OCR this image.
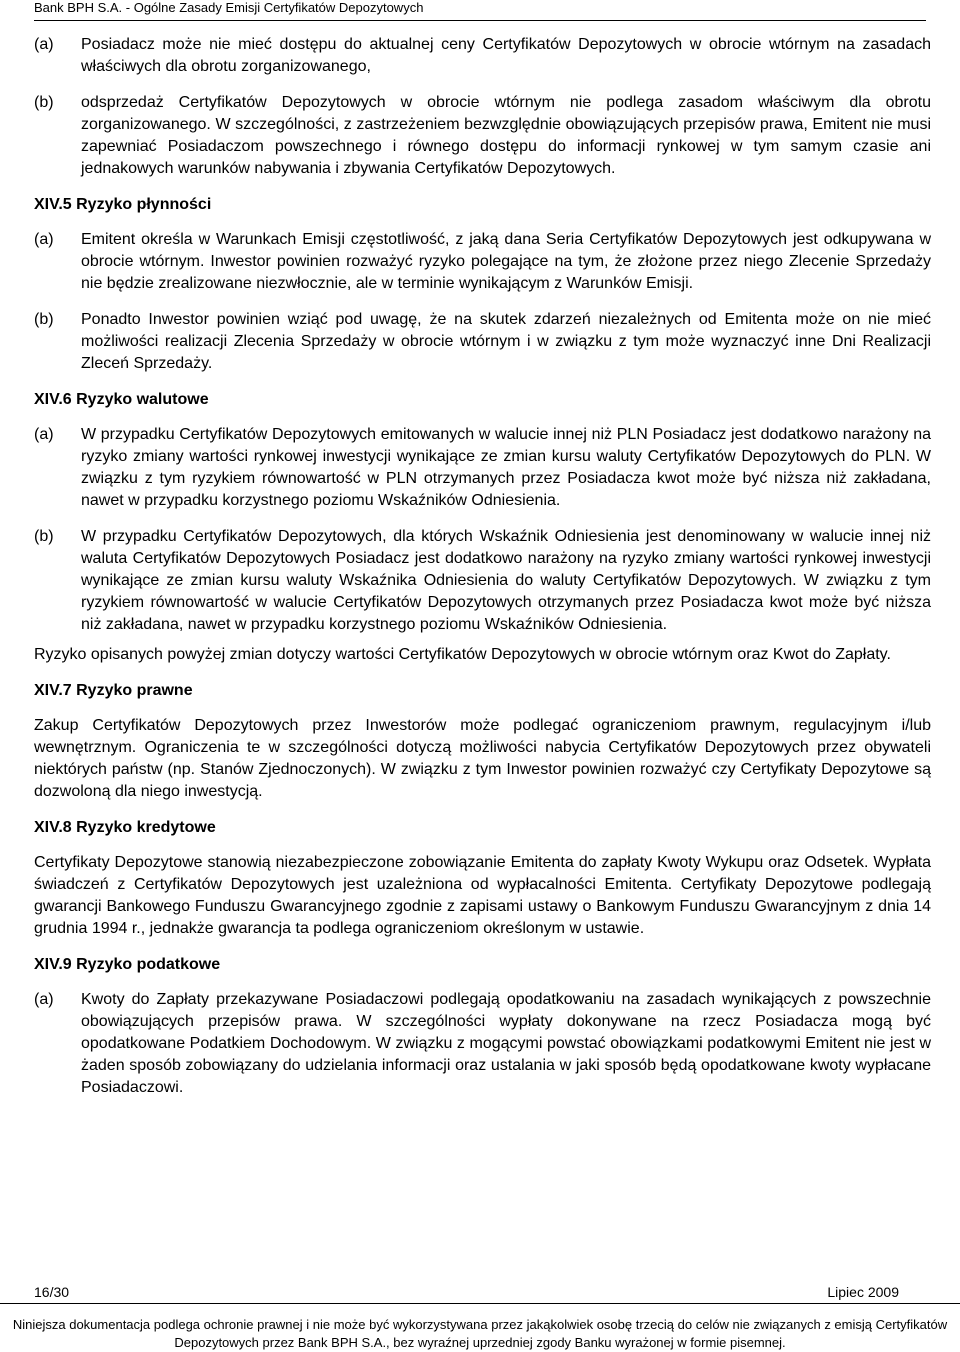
Bank BPH S.A. - Ogólne Zasady Emisji Certyfikatów Depozytowych
(a)	Posiadacz może nie mieć dostępu do aktualnej ceny Certyfikatów Depozytowych w obrocie wtórnym na zasadach właściwych dla obrotu zorganizowanego,
(b)	odsprzedaż Certyfikatów Depozytowych w obrocie wtórnym nie podlega zasadom właściwym dla obrotu zorganizowanego. W szczególności, z zastrzeżeniem bezwzględnie obowiązujących przepisów prawa, Emitent nie musi zapewniać Posiadaczom powszechnego i równego dostępu do informacji rynkowej w tym samym czasie ani jednakowych warunków nabywania i zbywania Certyfikatów Depozytowych.
XIV.5 Ryzyko płynności
(a)	Emitent określa w Warunkach Emisji częstotliwość, z jaką dana Seria Certyfikatów Depozytowych jest odkupywana w obrocie wtórnym. Inwestor powinien rozważyć ryzyko polegające na tym, że złożone przez niego Zlecenie Sprzedaży nie będzie zrealizowane niezwłocznie, ale w terminie wynikającym z Warunków Emisji.
(b)	Ponadto Inwestor powinien wziąć pod uwagę, że na skutek zdarzeń niezależnych od Emitenta może on nie mieć możliwości realizacji Zlecenia Sprzedaży w obrocie wtórnym i w związku z tym może wyznaczyć inne Dni Realizacji Zleceń Sprzedaży.
XIV.6 Ryzyko walutowe
(a)	W przypadku Certyfikatów Depozytowych emitowanych w walucie innej niż PLN Posiadacz jest dodatkowo narażony na ryzyko zmiany wartości rynkowej inwestycji wynikające ze zmian kursu waluty Certyfikatów Depozytowych do PLN. W związku z tym ryzykiem równowartość w PLN otrzymanych przez Posiadacza kwot może być niższa niż zakładana, nawet w przypadku korzystnego poziomu Wskaźników Odniesienia.
(b)	W przypadku Certyfikatów Depozytowych, dla których Wskaźnik Odniesienia jest denominowany w walucie innej niż waluta Certyfikatów Depozytowych Posiadacz jest dodatkowo narażony na ryzyko zmiany wartości rynkowej inwestycji wynikające ze zmian kursu waluty Wskaźnika Odniesienia do waluty Certyfikatów Depozytowych. W związku z tym ryzykiem równowartość w walucie Certyfikatów Depozytowych otrzymanych przez Posiadacza kwot może być niższa niż zakładana, nawet w przypadku korzystnego poziomu Wskaźników Odniesienia.
Ryzyko opisanych powyżej zmian dotyczy wartości Certyfikatów Depozytowych w obrocie wtórnym oraz Kwot do Zapłaty.
XIV.7 Ryzyko prawne
Zakup Certyfikatów Depozytowych przez Inwestorów może podlegać ograniczeniom prawnym, regulacyjnym i/lub wewnętrznym. Ograniczenia te w szczególności dotyczą możliwości nabycia Certyfikatów Depozytowych przez obywateli niektórych państw (np. Stanów Zjednoczonych). W związku z tym Inwestor powinien rozważyć czy Certyfikaty Depozytowe są dozwoloną dla niego inwestycją.
XIV.8 Ryzyko kredytowe
Certyfikaty Depozytowe stanowią niezabezpieczone zobowiązanie Emitenta do zapłaty Kwoty Wykupu oraz Odsetek. Wypłata świadczeń z Certyfikatów Depozytowych jest uzależniona od wypłacalności Emitenta. Certyfikaty Depozytowe podlegają gwarancji Bankowego Funduszu Gwarancyjnego zgodnie z zapisami ustawy o Bankowym Funduszu Gwarancyjnym z dnia 14 grudnia 1994 r., jednakże gwarancja ta podlega ograniczeniom określonym w ustawie.
XIV.9 Ryzyko podatkowe
(a)	Kwoty do Zapłaty przekazywane Posiadaczowi podlegają opodatkowaniu na zasadach wynikających z powszechnie obowiązujących przepisów prawa. W szczególności wypłaty dokonywane na rzecz Posiadacza mogą być opodatkowane Podatkiem Dochodowym. W związku z mogącymi powstać obowiązkami podatkowymi Emitent nie jest w żaden sposób zobowiązany do udzielania informacji oraz ustalania w jaki sposób będą opodatkowane kwoty wypłacane Posiadaczowi.
16/30	Lipiec 2009
Niniejsza dokumentacja podlega ochronie prawnej i nie może być wykorzystywana przez jakąkolwiek osobę trzecią do celów nie związanych z emisją Certyfikatów Depozytowych przez Bank BPH S.A., bez wyraźnej uprzedniej zgody Banku wyrażonej w formie pisemnej.
